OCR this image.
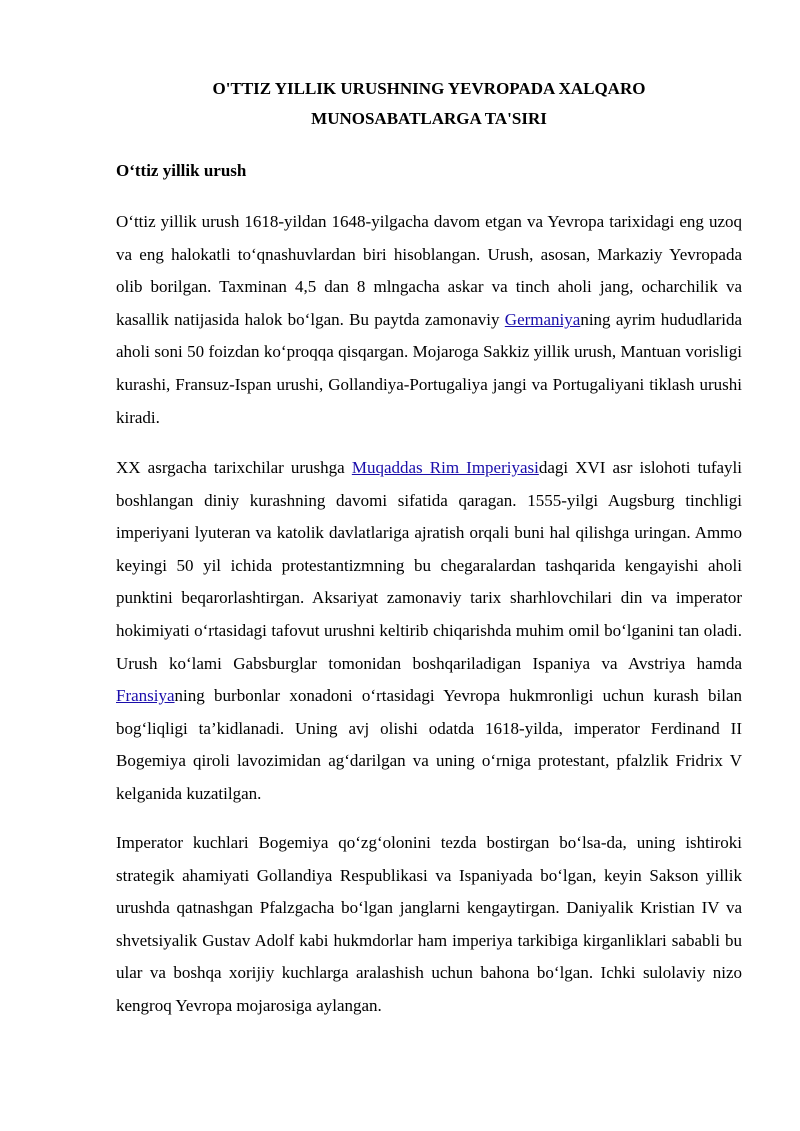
O'TTIZ YILLIK URUSHNING YEVROPADA XALQARO
MUNOSABATLARGA TA'SIRI
O‘ttiz yillik urush

O‘ttiz yillik urush 1618-yildan 1648-yilgacha davom etgan va Yevropa tarixidagi eng uzoq va eng halokatli to‘qnashuvlardan biri hisoblangan. Urush, asosan, Markaziy Yevropada olib borilgan. Taxminan 4,5 dan 8 mlngacha askar va tinch aholi jang, ocharchilik va kasallik natijasida halok bo‘lgan. Bu paytda zamonaviy Germaniyaning ayrim hududlarida aholi soni 50 foizdan ko‘proqqa qisqargan. Mojaroga Sakkiz yillik urush, Mantuan vorisligi kurashi, Fransuz-Ispan urushi, Gollandiya-Portugaliya jangi va Portugaliyani tiklash urushi kiradi.

XX asrgacha tarixchilar urushga Muqaddas Rim Imperiyasidagi XVI asr islohoti tufayli boshlangan diniy kurashning davomi sifatida qaragan. 1555-yilgi Augsburg tinchligi imperiyani lyuteran va katolik davlatlariga ajratish orqali buni hal qilishga uringan. Ammo keyingi 50 yil ichida protestantizmning bu chegaralardan tashqarida kengayishi aholi punktini beqarorlashtirgan. Aksariyat zamonaviy tarix sharhlovchilari din va imperator hokimiyati o‘rtasidagi tafovut urushni keltirib chiqarishda muhim omil bo‘lganini tan oladi. Urush ko‘lami Gabsburglar tomonidan boshqariladigan Ispaniya va Avstriya hamda Fransiyaning burbonlar xonadoni o‘rtasidagi Yevropa hukmronligi uchun kurash bilan bog‘liqligi ta’kidlanadi. Uning avj olishi odatda 1618-yilda, imperator Ferdinand II Bogemiya qiroli lavozimidan ag‘darilgan va uning o‘rniga protestant, pfalzlik Fridrix V kelganida kuzatilgan.

Imperator kuchlari Bogemiya qo‘zg‘olonini tezda bostirgan bo‘lsa-da, uning ishtiroki strategik ahamiyati Gollandiya Respublikasi va Ispaniyada bo‘lgan, keyin Sakson yillik urushda qatnashgan Pfalzgacha bo‘lgan janglarni kengaytirgan. Daniyalik Kristian IV va shvetsiyalik Gustav Adolf kabi hukmdorlar ham imperiya tarkibiga kirganliklari sababli bu ular va boshqa xorijiy kuchlarga aralashish uchun bahona bo‘lgan. Ichki sulolaviy nizo kengroq Yevropa mojarosiga aylangan.
